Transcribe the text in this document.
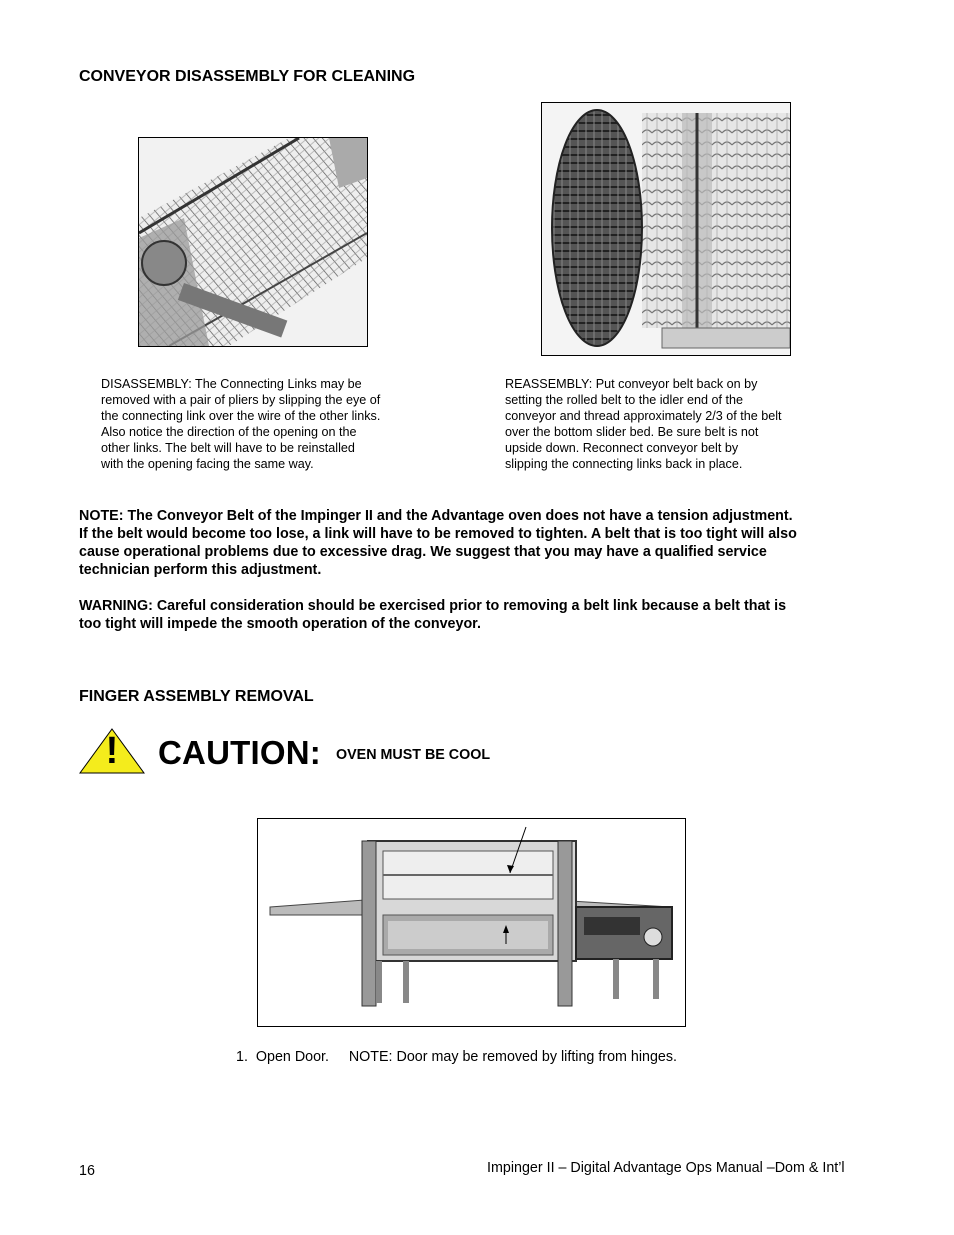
CONVEYOR DISASSEMBLY FOR CLEANING
DISASSEMBLY: The Connecting Links may be
removed with a pair of pliers by slipping the eye of
the connecting link over the wire of the other links.
Also notice the direction of the opening on the
other links. The belt will have to be reinstalled
with the opening facing the same way.
REASSEMBLY: Put conveyor belt back on by
setting the rolled belt to the idler end of the
conveyor and thread approximately 2/3 of the belt
over the bottom slider bed. Be sure belt is not
upside down. Reconnect conveyor belt by
slipping the connecting links back in place.
NOTE: The Conveyor Belt of the Impinger II and the Advantage oven does not have a tension adjustment.
If the belt would become too lose, a link will have to be removed to tighten. A belt that is too tight will also
cause operational problems due to excessive drag. We suggest that you may have a qualified service
technician perform this adjustment.
WARNING: Careful consideration should be exercised prior to removing a belt link because a belt that is
too tight will impede the smooth operation of the conveyor.
FINGER ASSEMBLY REMOVAL
!	CAUTION: OVEN MUST BE COOL
1.  Open Door.     NOTE: Door may be removed by lifting from hinges.
16	Impinger II – Digital Advantage Ops Manual –Dom & Int’l
